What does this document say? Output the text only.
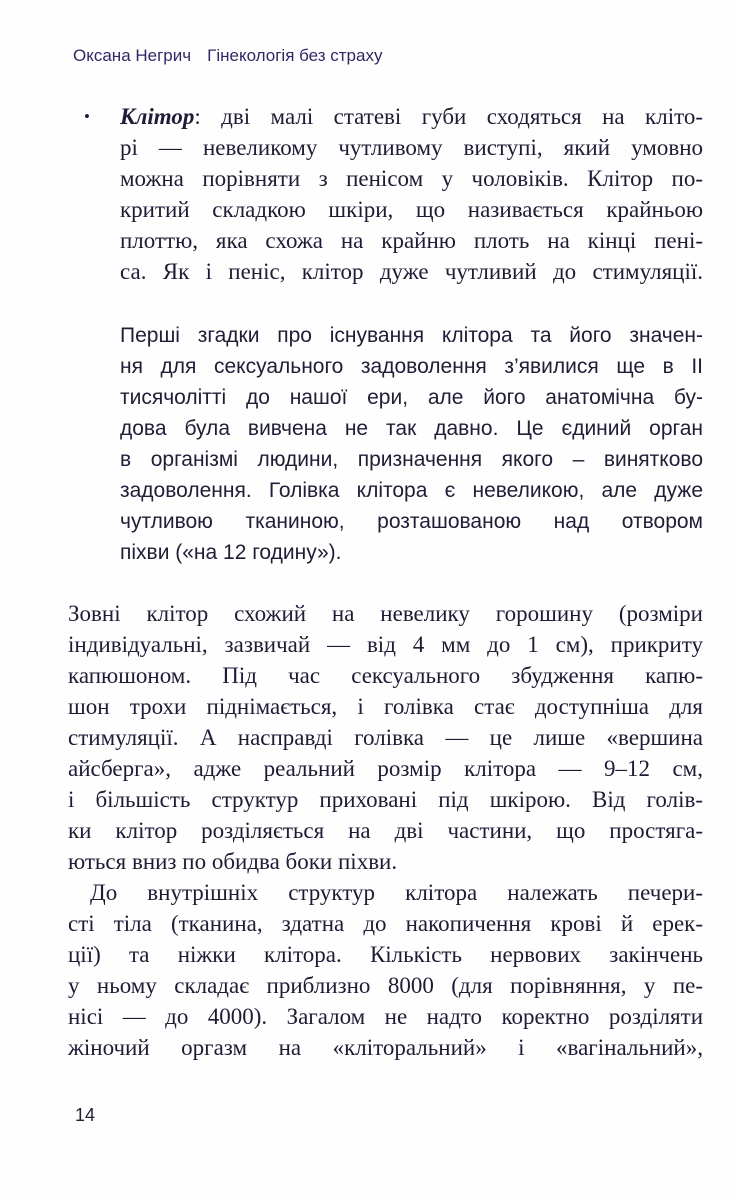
Оксана Негрич Гінекологія без страху
•	Клітор: дві малі статеві губи сходяться на кліто-
рі — невеликому чутливому виступі, який умовно
можна порівняти з пенісом у чоловіків. Клітор по-
критий складкою шкіри, що називається крайньою
плоттю, яка схожа на крайню плоть на кінці пені-
са. Як і пеніс, клітор дуже чутливий до стимуляції.
Перші згадки про існування клітора та його значен-
ня для сексуального задоволення з’явилися ще в II
тисячолітті до нашої ери, але його анатомічна бу-
дова була вивчена не так давно. Це єдиний орган
в організмі людини, призначення якого – винятково
задоволення. Голівка клітора є невеликою, але дуже
чутливою тканиною, розташованою над отвором
піхви («на 12 годину»).
Зовні клітор схожий на невелику горошину (розміри
індивідуальні, зазвичай — від 4 мм до 1 см), прикриту
капюшоном. Під час сексуального збудження капю-
шон трохи піднімається, і голівка стає доступніша для
стимуляції. А насправді голівка — це лише «вершина
айсберга», адже реальний розмір клітора — 9–12 см,
і більшість структур приховані під шкірою. Від голів-
ки клітор розділяється на дві частини, що простяга-
ються вниз по обидва боки піхви.
До внутрішніх структур клітора належать печери-
сті тіла (тканина, здатна до накопичення крові й ерек-
ції) та ніжки клітора. Кількість нервових закінчень
у ньому складає приблизно 8000 (для порівняння, у пе-
нісі — до 4000). Загалом не надто коректно розділяти
жіночий оргазм на «кліторальний» і «вагінальний»,
14
